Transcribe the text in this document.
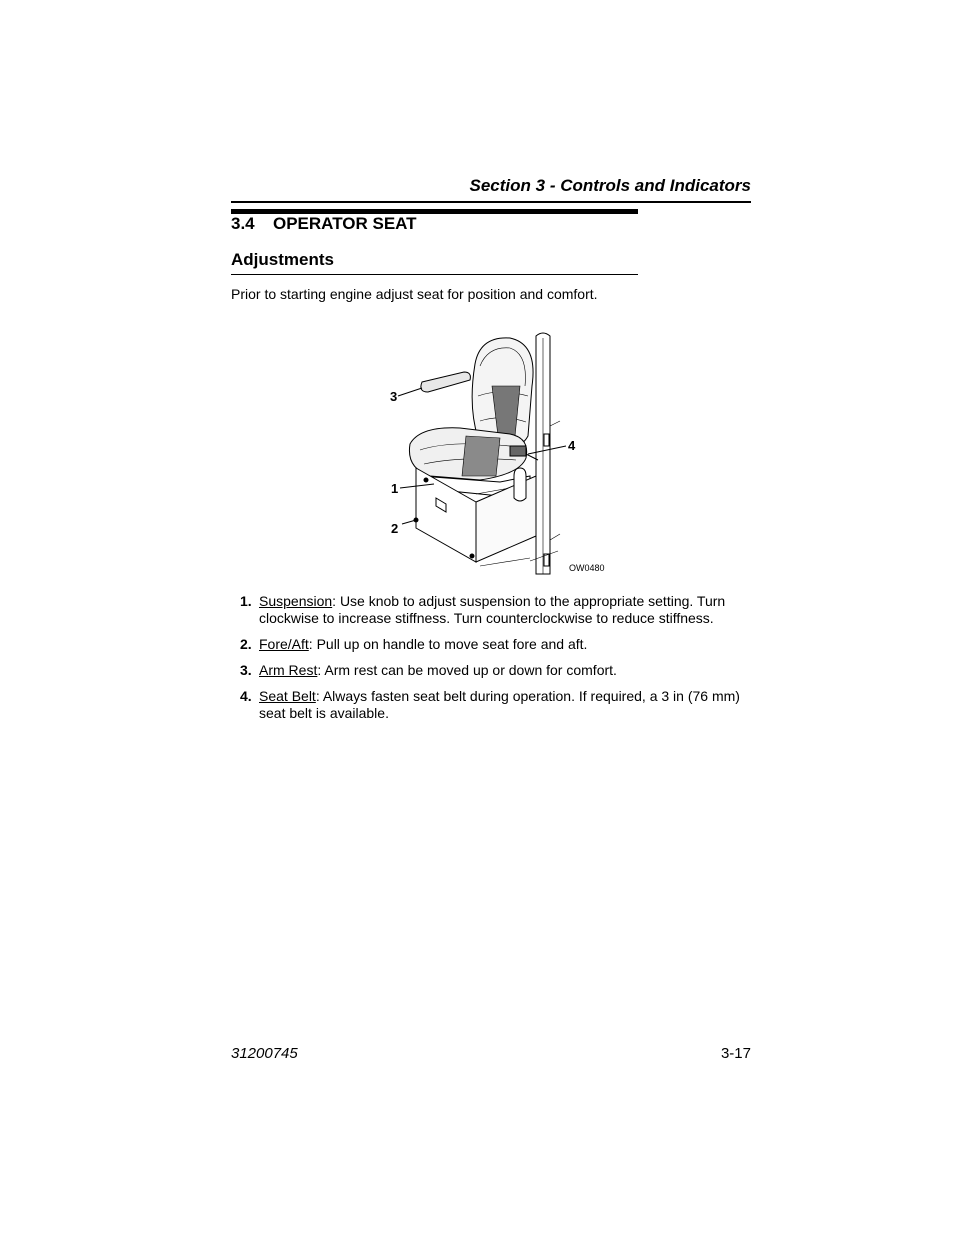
Section 3 - Controls and Indicators
3.4 OPERATOR SEAT
Adjustments

Prior to starting engine adjust seat for position and comfort.

3
4
1
2
OW0480
1. Suspension: Use knob to adjust suspension to the appropriate setting. Turn clockwise to increase stiffness. Turn counterclockwise to reduce stiffness.
2. Fore/Aft: Pull up on handle to move seat fore and aft.
3. Arm Rest: Arm rest can be moved up or down for comfort.
4. Seat Belt: Always fasten seat belt during operation. If required, a 3 in (76 mm) seat belt is available.

31200745	3-17
